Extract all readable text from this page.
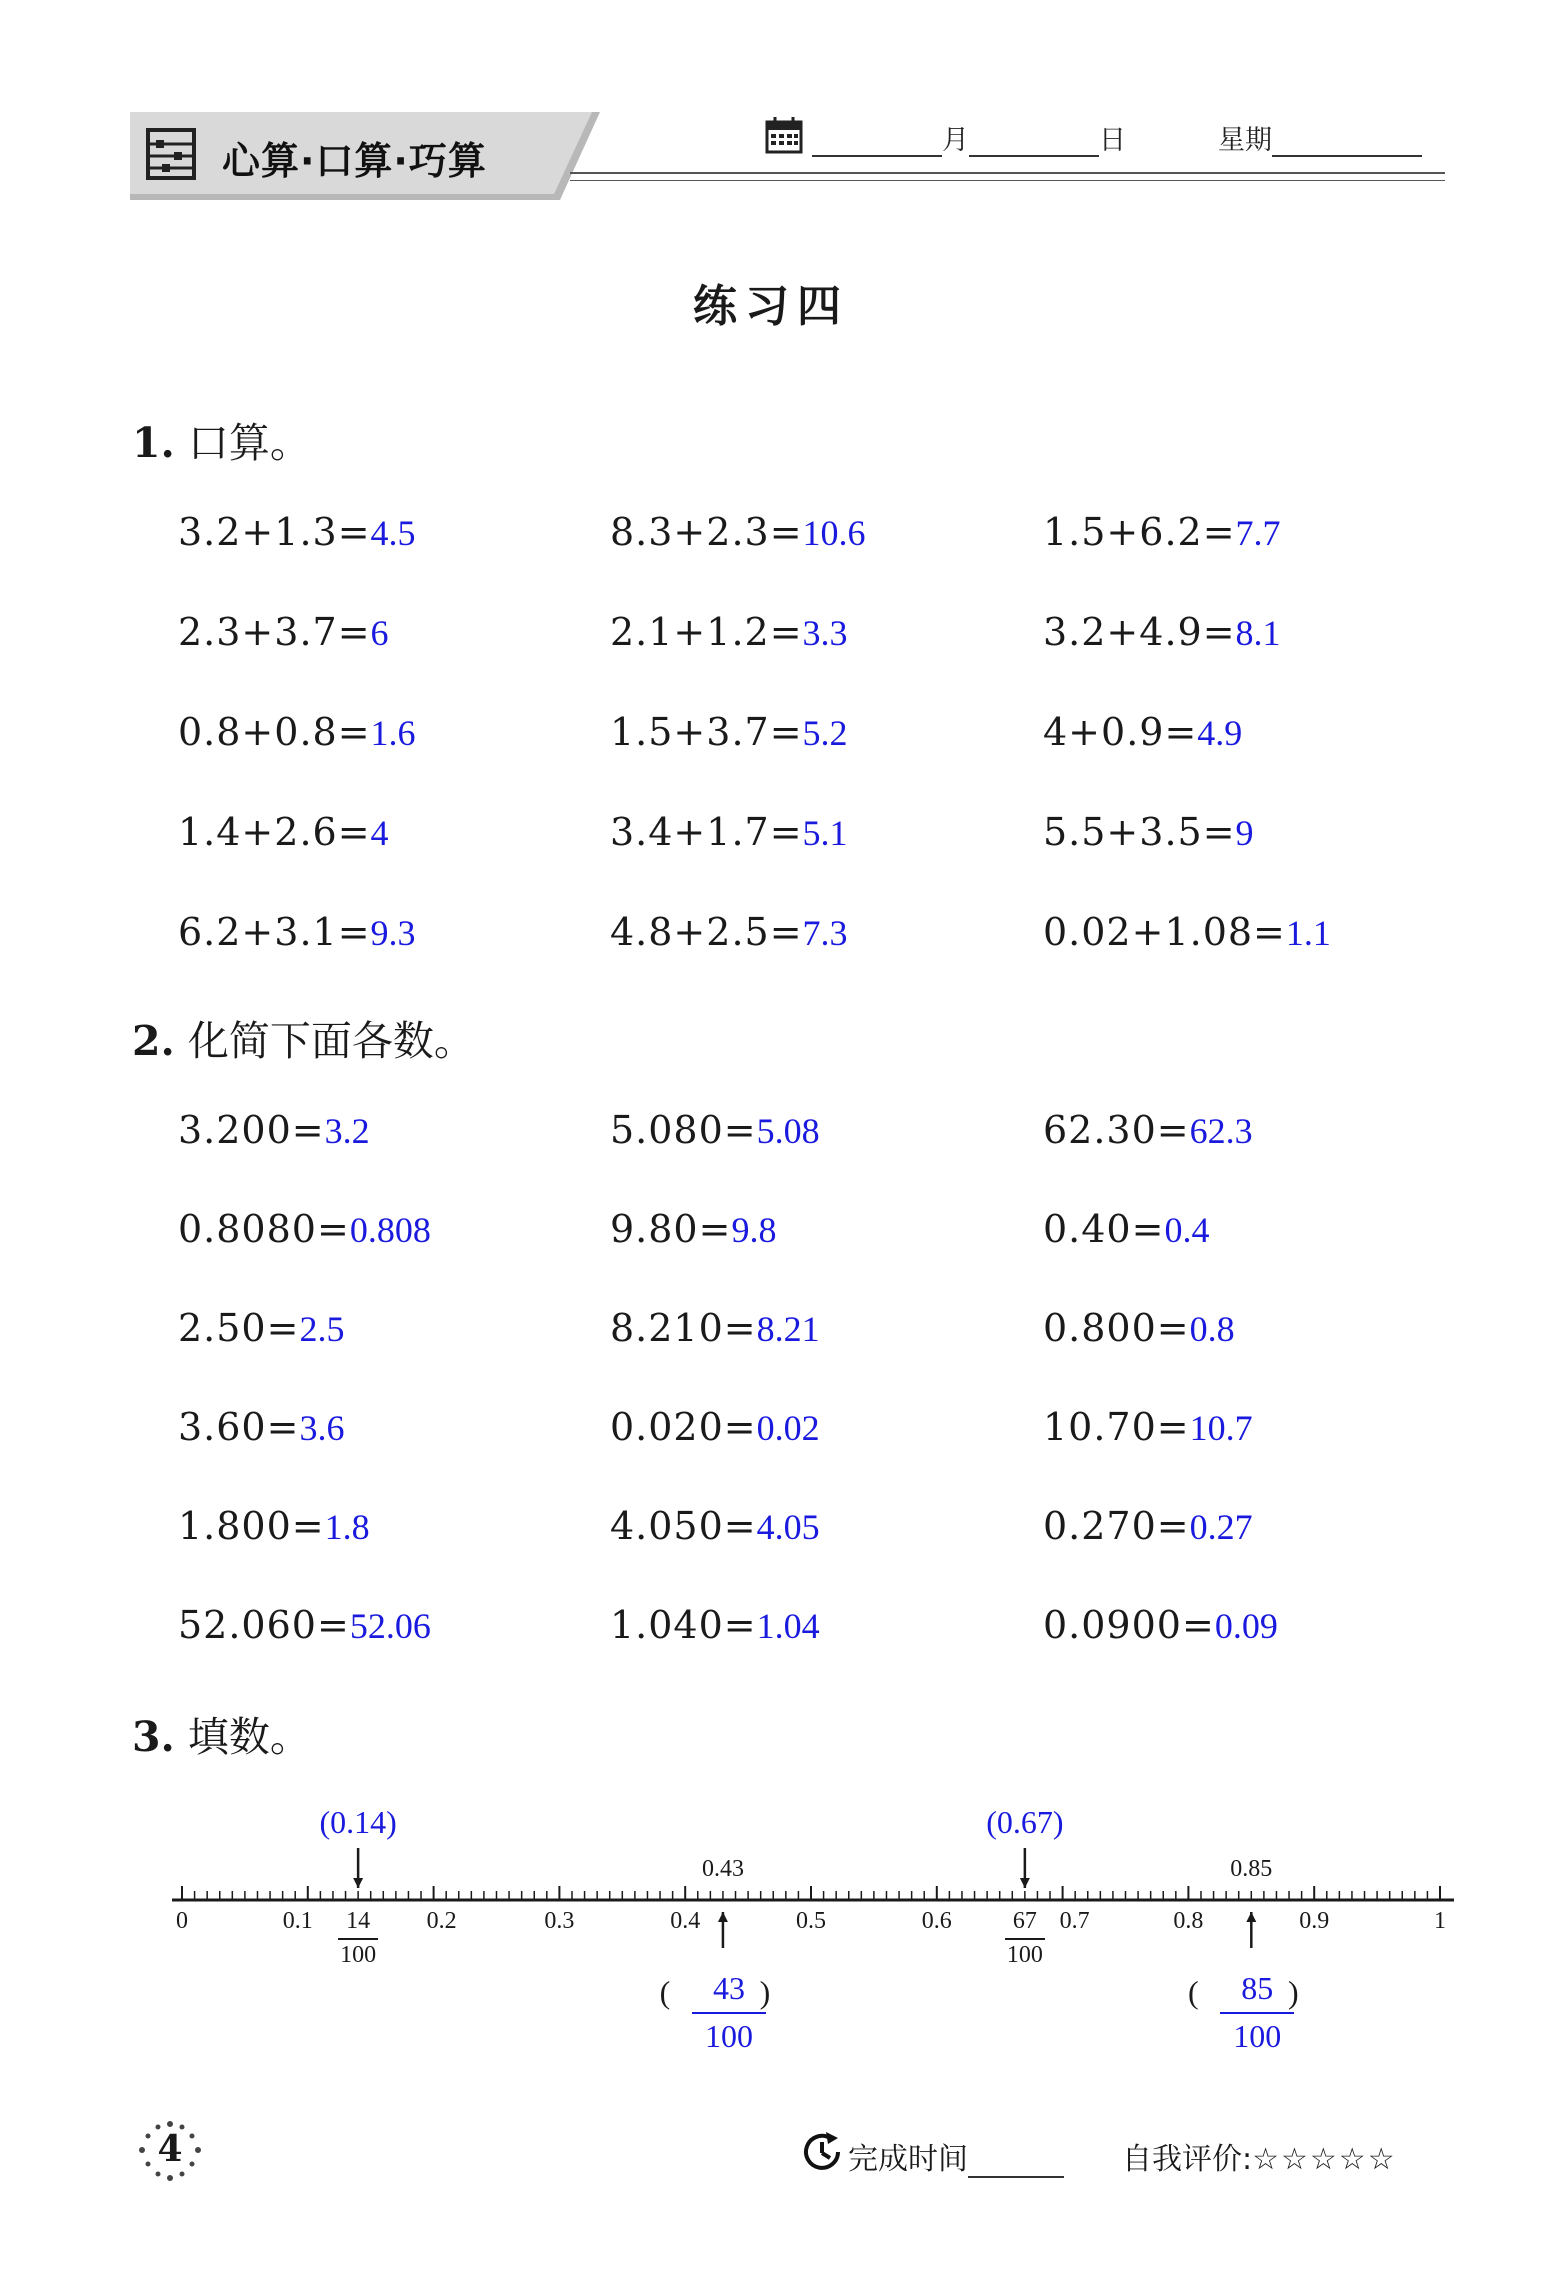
心算·口算·巧算	月	日	星期
练习四
1. 口算。
3.2+1.3=4.5	8.3+2.3=10.6	1.5+6.2=7.7
2.3+3.7=6	2.1+1.2=3.3	3.2+4.9=8.1
0.8+0.8=1.6	1.5+3.7=5.2	4+0.9=4.9
1.4+2.6=4	3.4+1.7=5.1	5.5+3.5=9
6.2+3.1=9.3	4.8+2.5=7.3	0.02+1.08=1.1
2. 化简下面各数。
3.200=3.2	5.080=5.08	62.30=62.3
0.8080=0.808	9.80=9.8	0.40=0.4
2.50=2.5	8.210=8.21	0.800=0.8
3.60=3.6	0.020=0.02	10.70=10.7
1.800=1.8	4.050=4.05	0.270=0.27
52.060=52.06	1.040=1.04	0.0900=0.09
3. 填数。
0	0.1	0.2	0.3	0.4	0.5	0.6	0.7	0.8	0.9	1
(0.14)
14
100
0.43
(	)
43
100
(0.67)
67
100
0.85
(	)
85
100
4	完成时间	自我评价:☆☆☆☆☆
